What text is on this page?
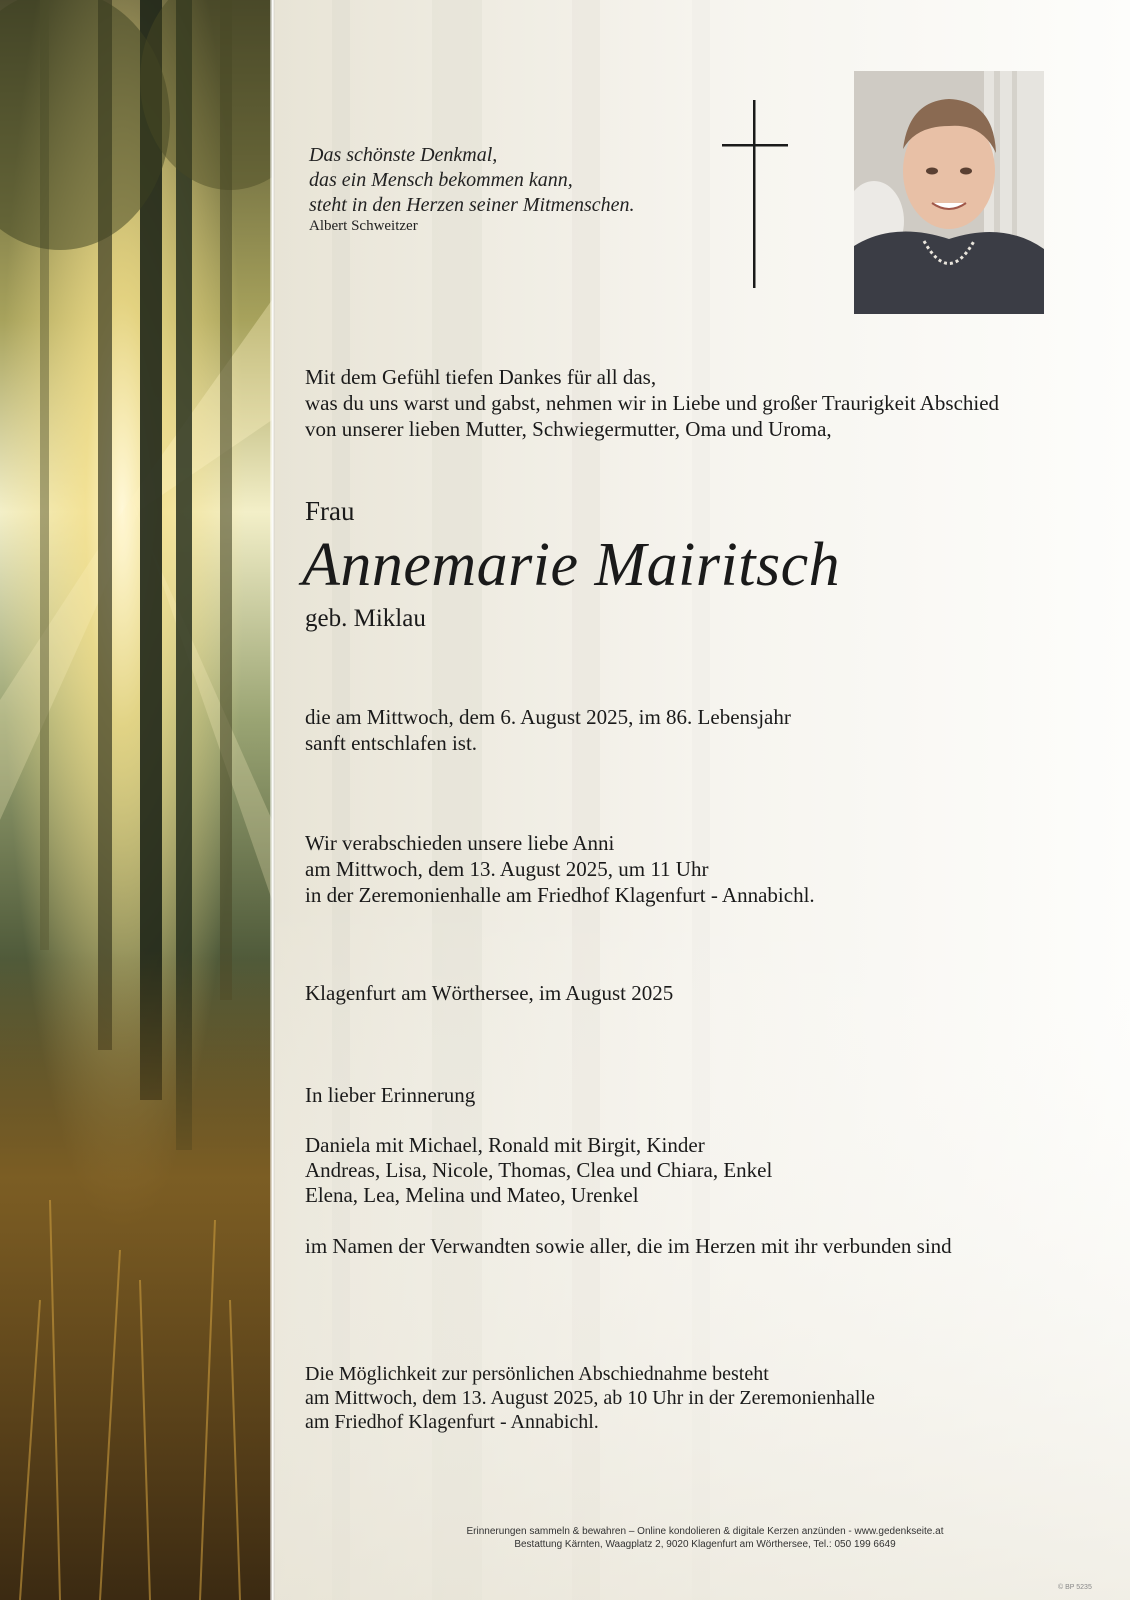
Das schönste Denkmal,
das ein Mensch bekommen kann,
steht in den Herzen seiner Mitmenschen.
Albert Schweitzer
Mit dem Gefühl tiefen Dankes für all das,
was du uns warst und gabst, nehmen wir in Liebe und großer Traurigkeit Abschied
von unserer lieben Mutter, Schwiegermutter, Oma und Uroma,
Frau
Annemarie Mairitsch
geb. Miklau
die am Mittwoch, dem 6. August 2025, im 86. Lebensjahr
sanft entschlafen ist.
Wir verabschieden unsere liebe Anni
am Mittwoch, dem 13. August 2025, um 11 Uhr
in der Zeremonienhalle am Friedhof Klagenfurt - Annabichl.
Klagenfurt am Wörthersee, im August 2025
In lieber Erinnerung
Daniela mit Michael, Ronald mit Birgit, Kinder
Andreas, Lisa, Nicole, Thomas, Clea und Chiara, Enkel
Elena, Lea, Melina und Mateo, Urenkel
im Namen der Verwandten sowie aller, die im Herzen mit ihr verbunden sind
Die Möglichkeit zur persönlichen Abschiednahme besteht
am Mittwoch, dem 13. August 2025, ab 10 Uhr in der Zeremonienhalle
am Friedhof Klagenfurt - Annabichl.
Erinnerungen sammeln & bewahren – Online kondolieren & digitale Kerzen anzünden - www.gedenkseite.at
Bestattung Kärnten, Waagplatz 2, 9020 Klagenfurt am Wörthersee, Tel.: 050 199 6649
© BP 5235
